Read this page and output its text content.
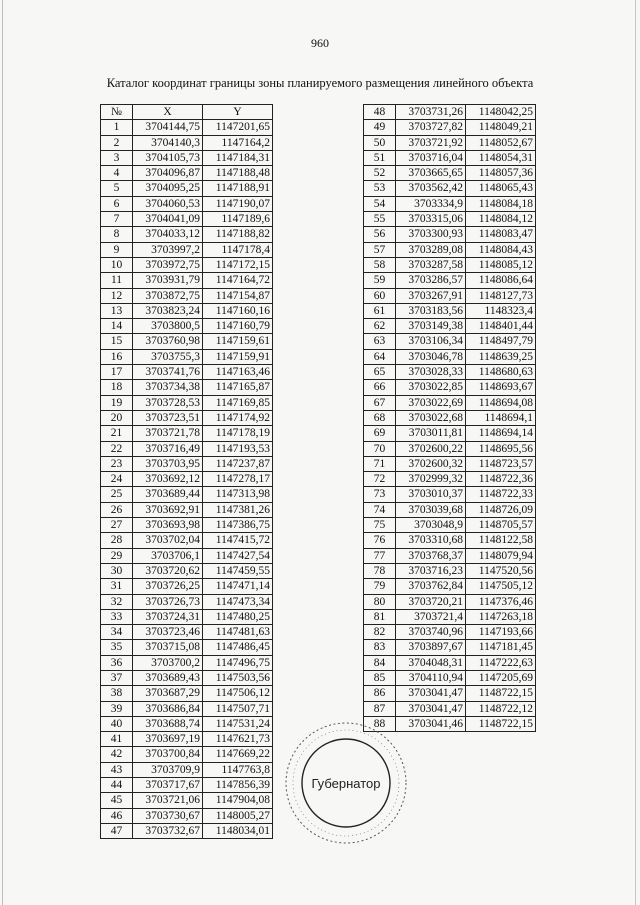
960
Каталог координат границы зоны планируемого размещения линейного объекта
№	X	Y
1	3704144,75	1147201,65
2	3704140,3	1147164,2
3	3704105,73	1147184,31
4	3704096,87	1147188,48
5	3704095,25	1147188,91
6	3704060,53	1147190,07
7	3704041,09	1147189,6
8	3704033,12	1147188,82
9	3703997,2	1147178,4
10	3703972,75	1147172,15
11	3703931,79	1147164,72
12	3703872,75	1147154,87
13	3703823,24	1147160,16
14	3703800,5	1147160,79
15	3703760,98	1147159,61
16	3703755,3	1147159,91
17	3703741,76	1147163,46
18	3703734,38	1147165,87
19	3703728,53	1147169,85
20	3703723,51	1147174,92
21	3703721,78	1147178,19
22	3703716,49	1147193,53
23	3703703,95	1147237,87
24	3703692,12	1147278,17
25	3703689,44	1147313,98
26	3703692,91	1147381,26
27	3703693,98	1147386,75
28	3703702,04	1147415,72
29	3703706,1	1147427,54
30	3703720,62	1147459,55
31	3703726,25	1147471,14
32	3703726,73	1147473,34
33	3703724,31	1147480,25
34	3703723,46	1147481,63
35	3703715,08	1147486,45
36	3703700,2	1147496,75
37	3703689,43	1147503,56
38	3703687,29	1147506,12
39	3703686,84	1147507,71
40	3703688,74	1147531,24
41	3703697,19	1147621,73
42	3703700,84	1147669,22
43	3703709,9	1147763,8
44	3703717,67	1147856,39
45	3703721,06	1147904,08
46	3703730,67	1148005,27
47	3703732,67	1148034,01
48	3703731,26	1148042,25
49	3703727,82	1148049,21
50	3703721,92	1148052,67
51	3703716,04	1148054,31
52	3703665,65	1148057,36
53	3703562,42	1148065,43
54	3703334,9	1148084,18
55	3703315,06	1148084,12
56	3703300,93	1148083,47
57	3703289,08	1148084,43
58	3703287,58	1148085,12
59	3703286,57	1148086,64
60	3703267,91	1148127,73
61	3703183,56	1148323,4
62	3703149,38	1148401,44
63	3703106,34	1148497,79
64	3703046,78	1148639,25
65	3703028,33	1148680,63
66	3703022,85	1148693,67
67	3703022,69	1148694,08
68	3703022,68	1148694,1
69	3703011,81	1148694,14
70	3702600,22	1148695,56
71	3702600,32	1148723,57
72	3702999,32	1148722,36
73	3703010,37	1148722,33
74	3703039,68	1148726,09
75	3703048,9	1148705,57
76	3703310,68	1148122,58
77	3703768,37	1148079,94
78	3703716,23	1147520,56
79	3703762,84	1147505,12
80	3703720,21	1147376,46
81	3703721,4	1147263,18
82	3703740,96	1147193,66
83	3703897,67	1147181,45
84	3704048,31	1147222,63
85	3704110,94	1147205,69
86	3703041,47	1148722,15
87	3703041,47	1148722,12
88	3703041,46	1148722,15
Губернатор
